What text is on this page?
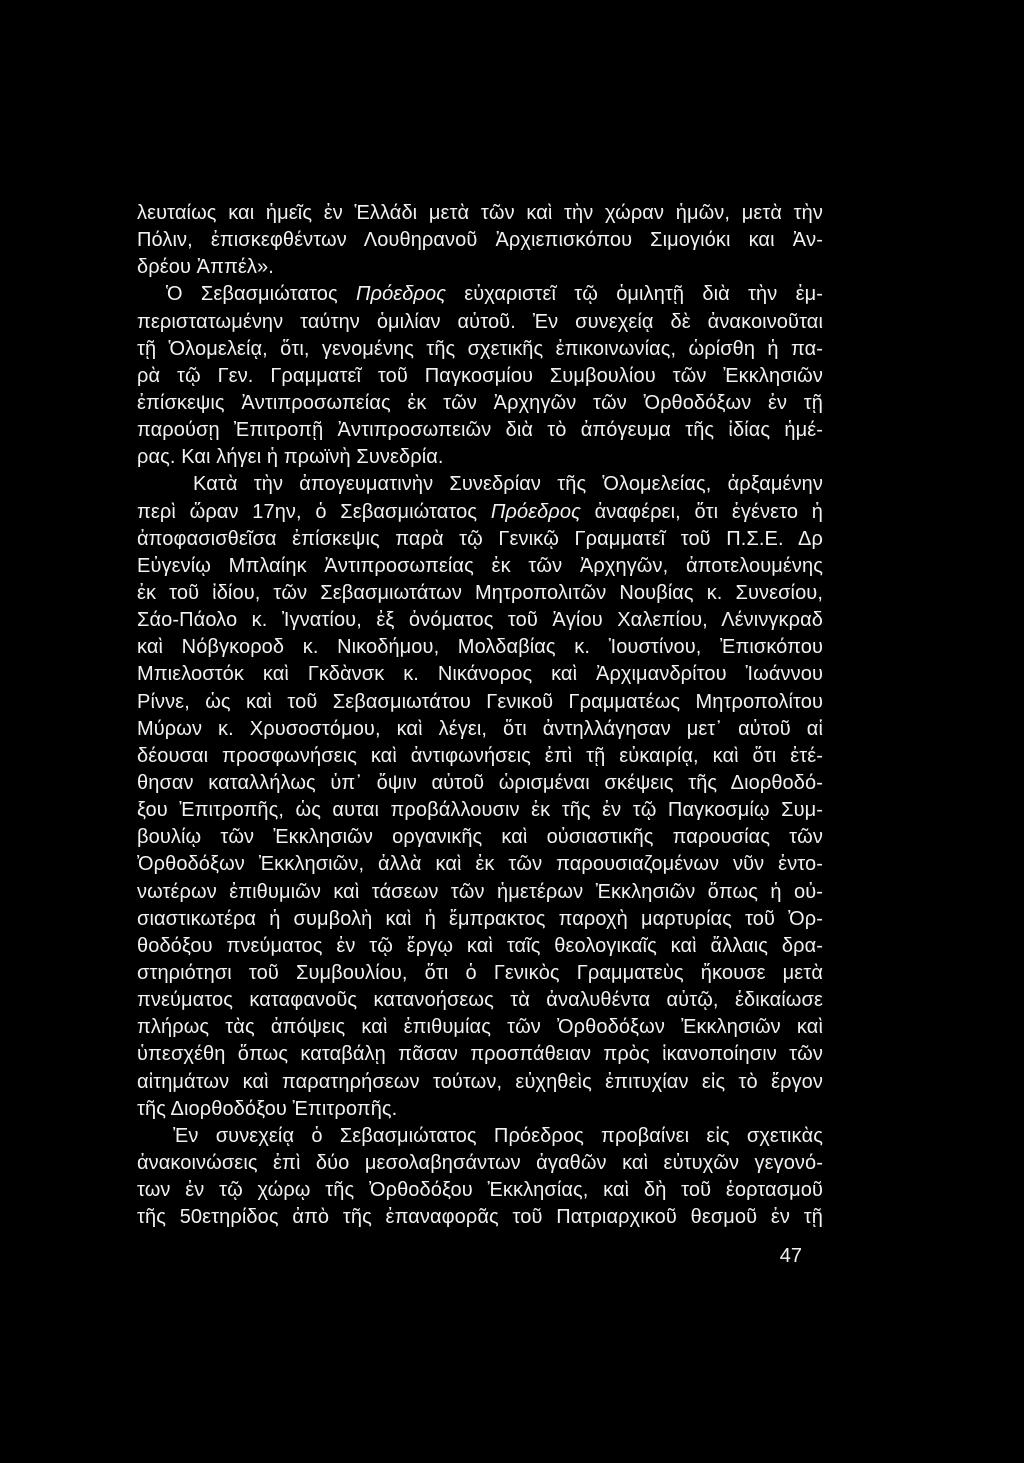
λευταίως και ἡμεῖς ἐν Ἑλλάδι μετὰ τῶν καὶ τὴν χώραν ἡμῶν, μετὰ τὴν
Πόλιν, ἐπισκεφθέντων Λουθηρανοῦ Ἀρχιεπισκόπου Σιμογιόκι και Ἀν-
δρέου Ἀππέλ».
Ὁ Σεβασμιώτατος Πρόεδρος εὐχαριστεῖ τῷ ὁμιλητῇ διὰ τὴν ἐμ-
περιστατωμένην ταύτην ὁμιλίαν αὐτοῦ. Ἐν συνεχείᾳ δὲ ἀνακοινοῦται
τῇ Ὁλομελείᾳ, ὅτι, γενομένης τῆς σχετικῆς ἐπικοινωνίας, ὡρίσθη ἡ πα-
ρὰ τῷ Γεν. Γραμματεῖ τοῦ Παγκοσμίου Συμβουλίου τῶν Ἐκκλησιῶν
ἐπίσκεψις Ἀντιπροσωπείας ἐκ τῶν Ἀρχηγῶν τῶν Ὀρθοδόξων ἐν τῇ
παρούσῃ Ἐπιτροπῇ Ἀντιπροσωπειῶν διὰ τὸ ἀπόγευμα τῆς ἰδίας ἡμέ-
ρας. Και λήγει ἡ πρωϊνὴ Συνεδρία.
Κατὰ τὴν ἀπογευματινὴν Συνεδρίαν τῆς Ὁλομελείας, ἀρξαμένην
περὶ ὥραν 17ην, ὁ Σεβασμιώτατος Πρόεδρος ἀναφέρει, ὅτι ἐγένετο ἡ
ἀποφασισθεῖσα ἐπίσκεψις παρὰ τῷ Γενικῷ Γραμματεῖ τοῦ Π.Σ.Ε. Δρ
Εὐγενίῳ Μπλαίηκ Ἀντιπροσωπείας ἐκ τῶν Ἀρχηγῶν, ἀποτελουμένης
ἐκ τοῦ ἰδίου, τῶν Σεβασμιωτάτων Μητροπολιτῶν Νουβίας κ. Συνεσίου,
Σάο-Πάολο κ. Ἰγνατίου, ἐξ ὀνόματος τοῦ Ἁγίου Χαλεπίου, Λένινγκραδ
καὶ Νόβγκοροδ κ. Νικοδήμου, Μολδαβίας κ. Ἰουστίνου, Ἐπισκόπου
Μπιελοστόκ καὶ Γκδὰνσκ κ. Νικάνορος καὶ Ἀρχιμανδρίτου Ἰωάννου
Ρίννε, ὡς καὶ τοῦ Σεβασμιωτάτου Γενικοῦ Γραμματέως Μητροπολίτου
Μύρων κ. Χρυσοστόμου, καὶ λέγει, ὅτι ἀντηλλάγησαν μετ᾿ αὐτοῦ αἱ
δέουσαι προσφωνήσεις καὶ ἀντιφωνήσεις ἐπὶ τῇ εὐκαιρίᾳ, καὶ ὅτι ἐτέ-
θησαν καταλλήλως ὑπ᾿ ὄψιν αὐτοῦ ὡρισμέναι σκέψεις τῆς Διορθοδό-
ξου Ἐπιτροπῆς, ὡς αυται προβάλλουσιν ἐκ τῆς ἐν τῷ Παγκοσμίῳ Συμ-
βουλίῳ τῶν Ἐκκλησιῶν οργανικῆς καὶ οὐσιαστικῆς παρουσίας τῶν
Ὀρθοδόξων Ἐκκλησιῶν, ἀλλὰ καὶ ἐκ τῶν παρουσιαζομένων νῦν ἐντο-
νωτέρων ἐπιθυμιῶν καὶ τάσεων τῶν ἡμετέρων Ἐκκλησιῶν ὅπως ἡ οὐ-
σιαστικωτέρα ἡ συμβολὴ καὶ ἡ ἔμπρακτος παροχὴ μαρτυρίας τοῦ Ὀρ-
θοδόξου πνεύματος ἐν τῷ ἔργῳ καὶ ταῖς θεολογικαῖς καὶ ἄλλαις δρα-
στηριότησι τοῦ Συμβουλίου, ὅτι ὁ Γενικὸς Γραμματεὺς ἤκουσε μετὰ
πνεύματος καταφανοῦς κατανοήσεως τὰ ἀναλυθέντα αὐτῷ, ἐδικαίωσε
πλήρως τὰς ἀπόψεις καὶ ἐπιθυμίας τῶν Ὀρθοδόξων Ἐκκλησιῶν καὶ
ὑπεσχέθη ὅπως καταβάλῃ πᾶσαν προσπάθειαν πρὸς ἱκανοποίησιν τῶν
αἰτημάτων καὶ παρατηρήσεων τούτων, εὐχηθεὶς ἐπιτυχίαν εἰς τὸ ἔργον
τῆς Διορθοδόξου Ἐπιτροπῆς.
Ἐν συνεχείᾳ ὁ Σεβασμιώτατος Πρόεδρος προβαίνει εἰς σχετικὰς
ἀνακοινώσεις ἐπὶ δύο μεσολαβησάντων ἀγαθῶν καὶ εὐτυχῶν γεγονό-
των ἐν τῷ χώρῳ τῆς Ὀρθοδόξου Ἐκκλησίας, καὶ δὴ τοῦ ἑορτασμοῦ
τῆς 50ετηρίδος ἀπὸ τῆς ἐπαναφορᾶς τοῦ Πατριαρχικοῦ θεσμοῦ ἐν τῇ
47
